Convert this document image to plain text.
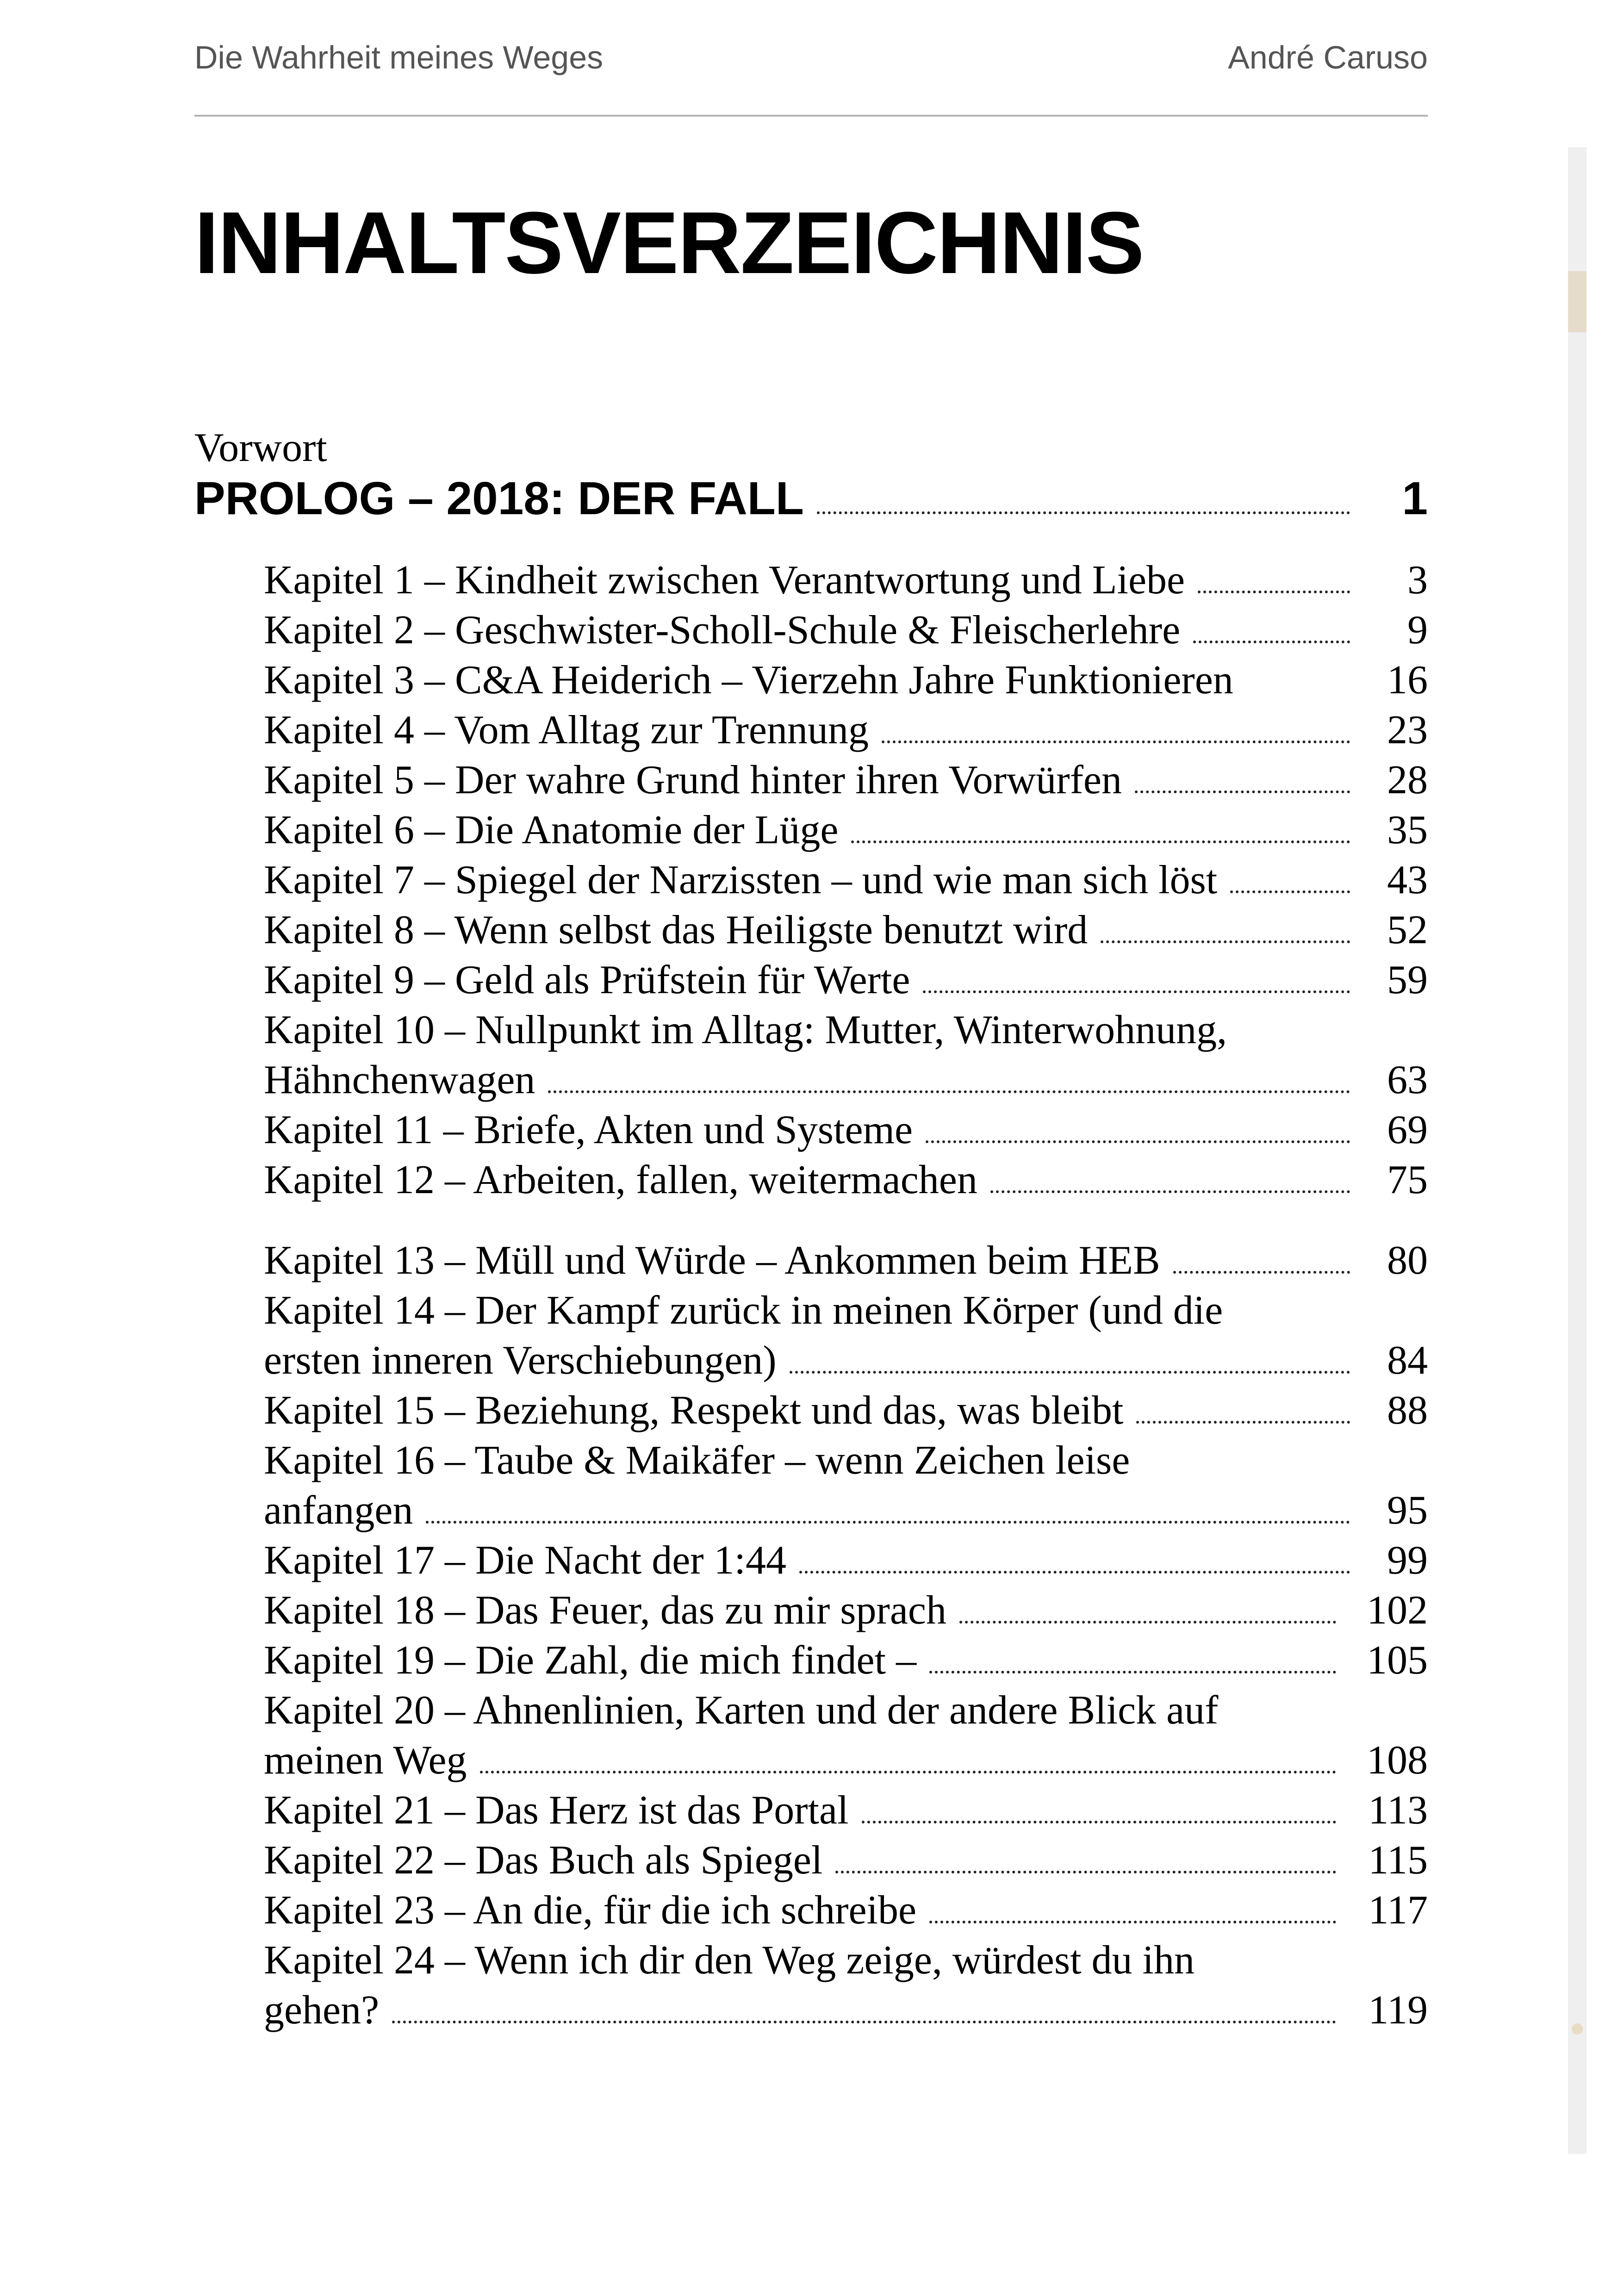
Die Wahrheit meines Weges	André Caruso
INHALTSVERZEICHNIS
Vorwort
PROLOG – 2018: DER FALL	1
Kapitel 1 – Kindheit zwischen Verantwortung und Liebe	3
Kapitel 2 – Geschwister-Scholl-Schule & Fleischerlehre	9
Kapitel 3 – C&A Heiderich – Vierzehn Jahre Funktionieren	16
Kapitel 4 – Vom Alltag zur Trennung	23
Kapitel 5 – Der wahre Grund hinter ihren Vorwürfen	28
Kapitel 6 – Die Anatomie der Lüge	35
Kapitel 7 – Spiegel der Narzissten – und wie man sich löst	43
Kapitel 8 – Wenn selbst das Heiligste benutzt wird	52
Kapitel 9 – Geld als Prüfstein für Werte	59
Kapitel 10 – Nullpunkt im Alltag: Mutter, Winterwohnung,
Hähnchenwagen	63
Kapitel 11 – Briefe, Akten und Systeme	69
Kapitel 12 – Arbeiten, fallen, weitermachen	75
Kapitel 13 – Müll und Würde – Ankommen beim HEB	80
Kapitel 14 – Der Kampf zurück in meinen Körper (und die
ersten inneren Verschiebungen)	84
Kapitel 15 – Beziehung, Respekt und das, was bleibt	88
Kapitel 16 – Taube & Maikäfer – wenn Zeichen leise
anfangen	95
Kapitel 17 – Die Nacht der 1:44	99
Kapitel 18 – Das Feuer, das zu mir sprach	102
Kapitel 19 – Die Zahl, die mich findet –	105
Kapitel 20 – Ahnenlinien, Karten und der andere Blick auf
meinen Weg	108
Kapitel 21 – Das Herz ist das Portal	113
Kapitel 22 – Das Buch als Spiegel	115
Kapitel 23 – An die, für die ich schreibe	117
Kapitel 24 – Wenn ich dir den Weg zeige, würdest du ihn
gehen?	119
